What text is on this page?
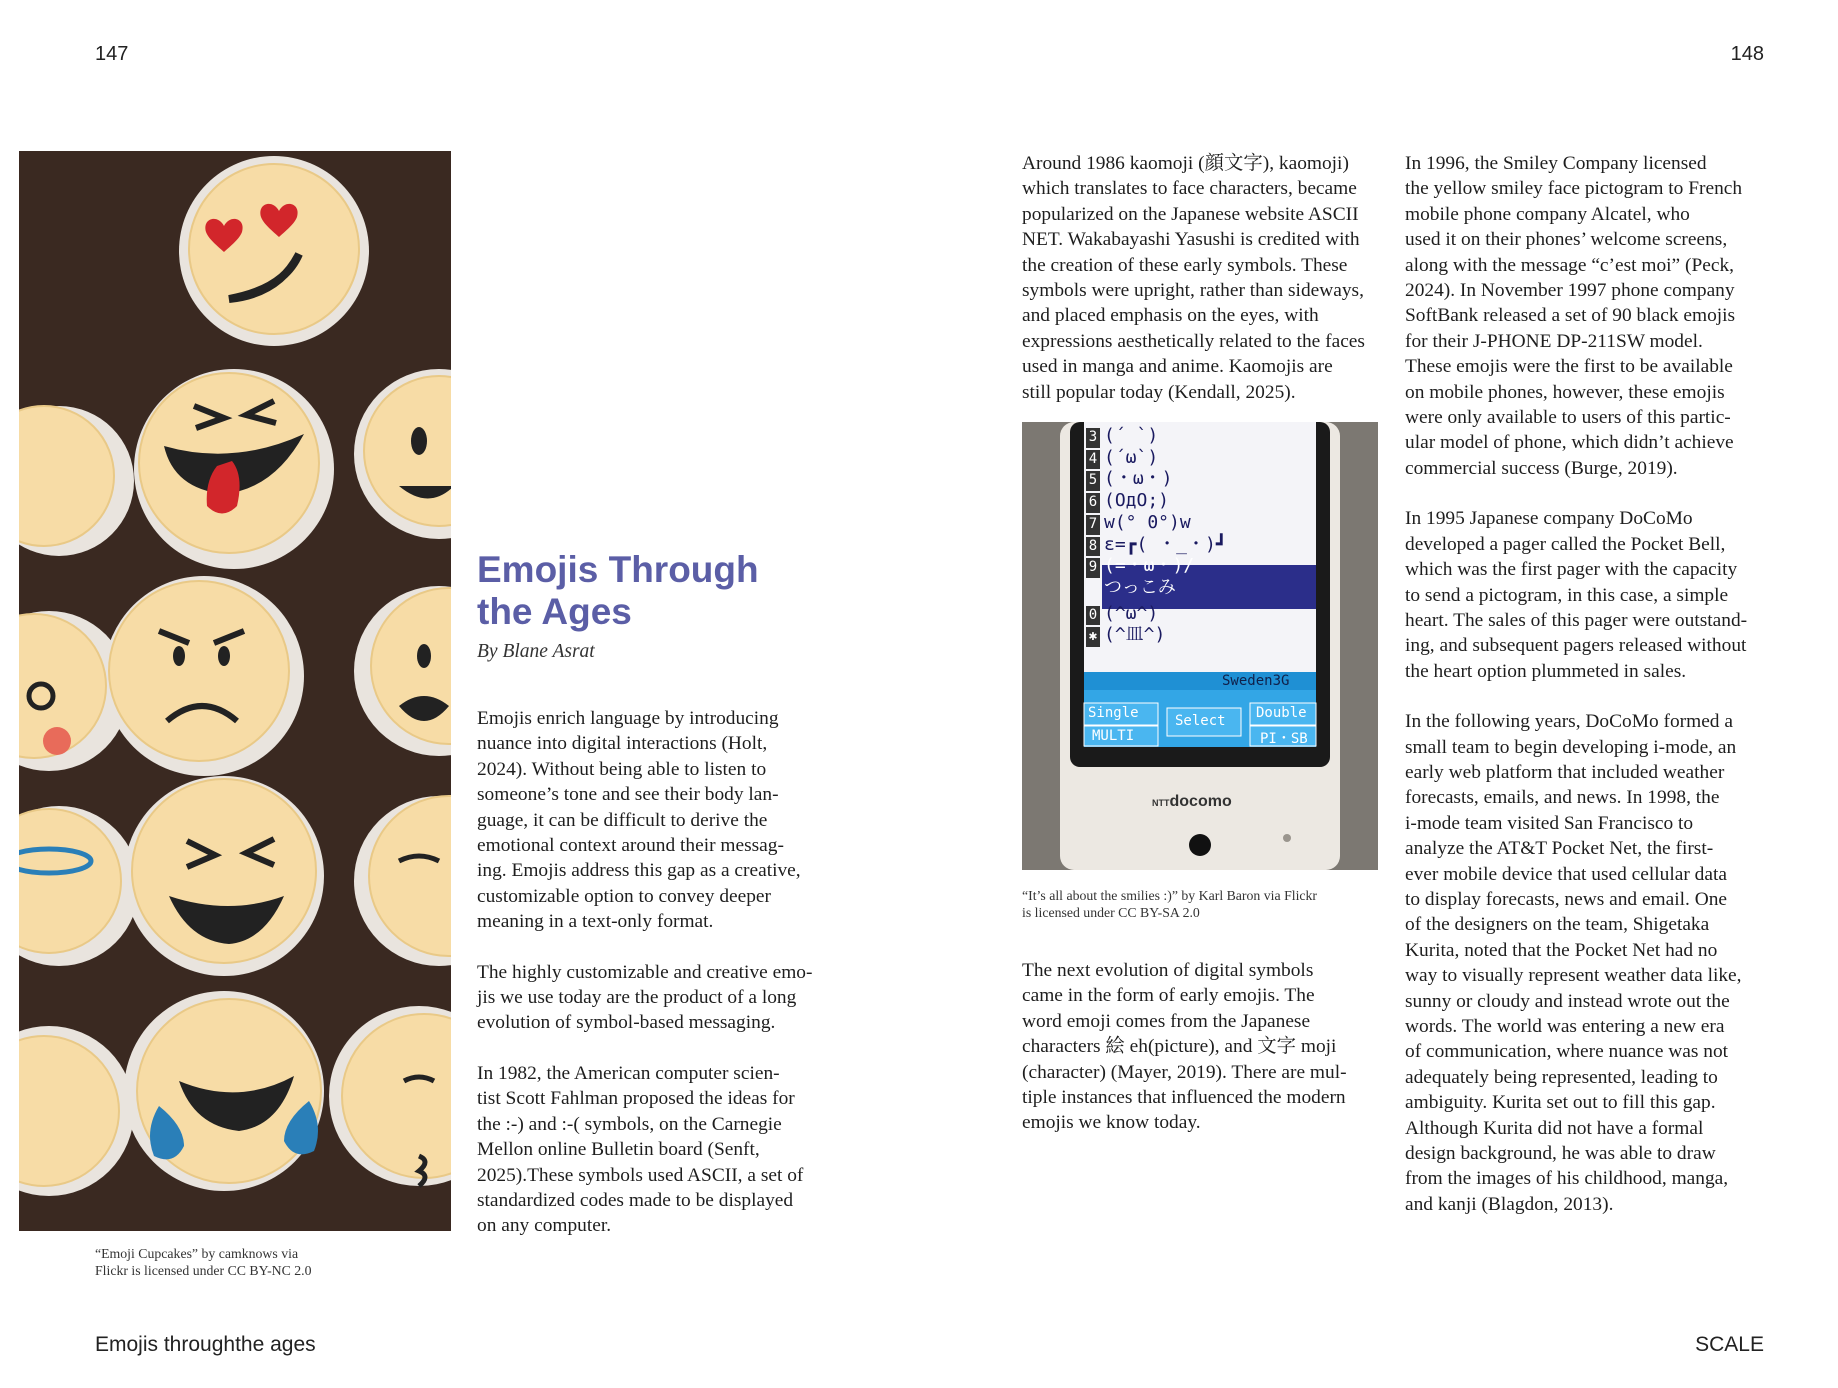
147	148
“Emoji Cupcakes” by camknows via
Flickr is licensed under CC BY-NC 2.0
Emojis Through
the Ages
By Blane Asrat

Emojis enrich language by introducing
nuance into digital interactions (Holt,
2024). Without being able to listen to
someone’s tone and see their body lan-
guage, it can be difficult to derive the
emotional context around their messag-
ing. Emojis address this gap as a creative,
customizable option to convey deeper
meaning in a text-only format.

The highly customizable and creative emo-
jis we use today are the product of a long
evolution of symbol-based messaging.

In 1982, the American computer scien-
tist Scott Fahlman proposed the ideas for
the :-) and :-( symbols, on the Carnegie
Mellon online Bulletin board (Senft,
2025).These symbols used ASCII, a set of
standardized codes made to be displayed
on any computer.

Around 1986 kaomoji (顔文字), kaomoji)
which translates to face characters, became
popularized on the Japanese website ASCII
NET. Wakabayashi Yasushi is credited with
the creation of these early symbols. These
symbols were upright, rather than sideways,
and placed emphasis on the eyes, with
expressions aesthetically related to the faces
used in manga and anime. Kaomojis are
still popular today (Kendall, 2025).

3 (´ `)
4 (´ω`)
5 (・ω・)
6 (ОдО;)
7 w(° 0°)w
8 ε=┏( ・_・)┛
9 (=・ω・)/
つっこみ
0 (^ω^)
✱ (^皿^)
Sweden3G
Single	Select Double
MULTI	PI・SB
NTTdocomo
“It’s all about the smilies :)” by Karl Baron via Flickr
is licensed under CC BY-SA 2.0

The next evolution of digital symbols
came in the form of early emojis. The
word emoji comes from the Japanese
characters 絵 eh(picture), and 文字 moji
(character) (Mayer, 2019). There are mul-
tiple instances that influenced the modern
emojis we know today.

In 1996, the Smiley Company licensed
the yellow smiley face pictogram to French
mobile phone company Alcatel, who
used it on their phones’ welcome screens,
along with the message “c’est moi” (Peck,
2024). In November 1997 phone company
SoftBank released a set of 90 black emojis
for their J-PHONE DP-211SW model.
These emojis were the first to be available
on mobile phones, however, these emojis
were only available to users of this partic-
ular model of phone, which didn’t achieve
commercial success (Burge, 2019).

In 1995 Japanese company DoCoMo
developed a pager called the Pocket Bell,
which was the first pager with the capacity
to send a pictogram, in this case, a simple
heart. The sales of this pager were outstand-
ing, and subsequent pagers released without
the heart option plummeted in sales.

In the following years, DoCoMo formed a
small team to begin developing i-mode, an
early web platform that included weather
forecasts, emails, and news. In 1998, the
i-mode team visited San Francisco to
analyze the AT&T Pocket Net, the first-
ever mobile device that used cellular data
to display forecasts, news and email. One
of the designers on the team, Shigetaka
Kurita, noted that the Pocket Net had no
way to visually represent weather data like,
sunny or cloudy and instead wrote out the
words. The world was entering a new era
of communication, where nuance was not
adequately being represented, leading to
ambiguity. Kurita set out to fill this gap.
Although Kurita did not have a formal
design background, he was able to draw
from the images of his childhood, manga,
and kanji (Blagdon, 2013).

Emojis throughthe ages	SCALE
